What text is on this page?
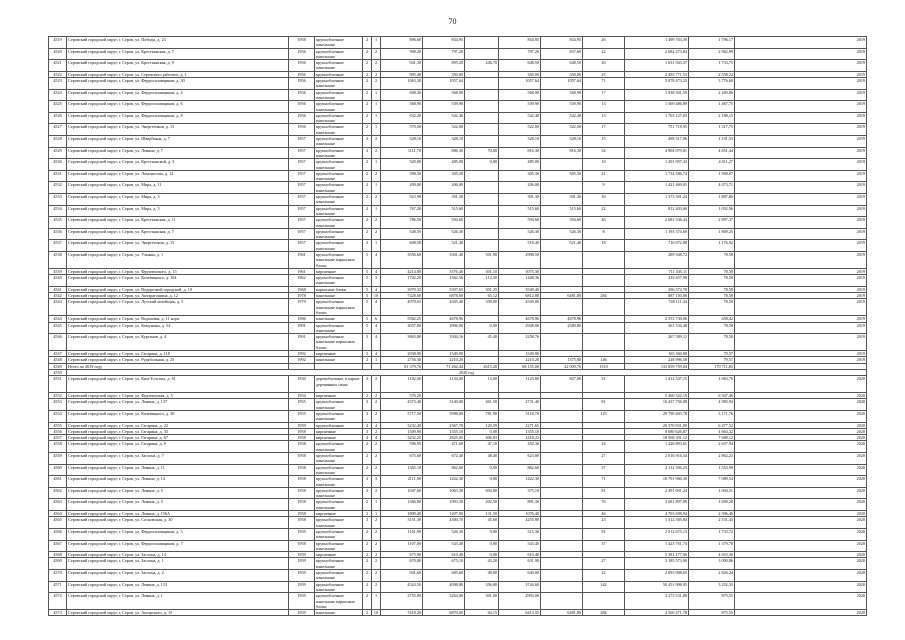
70
4519	Серовский городской округ, г. Серов, ул. Победы, д. 23	1958	крупноблочные панельные	2	1	896,60	834,95		834,95	834,95	26	1 499 703,59	1 796,17	2019
4520	Серовский городской округ, г. Серов, ул. Крестьянская, д. 7	1956	крупноблочные панельные	2	2	908,20	797,20		797,20	837,60	22	2 684 473,84	2 962,99	2019
4521	Серовский городской округ, г. Серов, ул. Крестьянская, д. 9	1956	крупноблочные панельные	2	2	941,30	895,20	246,70	648,50	648,50	26	1 631 943,37	1 733,75	2019
4522	Серовский городской округ, г. Серов, ул. Серовского рабочего, д. 1	1956	крупноблочные	2	2	995,40	350,00		350,00	350,00	25	2 493 771,53	2 558,22	2019
4523	Серовский городской округ, г. Серов, ул. Ферросплавщиков, д. 30	1956	крупноблочные панельные	2	2	1063,30	1057,64		1057,64	1057,64	71	5 078 473,25	3 776,60	2019
4524	Серовский городской округ, г. Серов, ул. Ферросплавщиков, д. 4	1956	крупноблочные панельные	2	1	698,30	568,90		568,90	568,90	17	1 938 501,59	2 269,86	2019
4525	Серовский городской округ, г. Серов, ул. Ферросплавщиков, д. 6	1956	крупноблочные панельные	2	1	568,90	539,90		539,90	539,90	13	1 569 486,89	1 467,75	2019
4526	Серовский городской округ, г. Серов, ул. Ферросплавщиков, д. 8	1956	крупноблочные панельные	2	1	632,20	542,40		542,40	542,40	13	1 703 127,03	2 188,15	2019
4527	Серовский городской округ, г. Серов, ул. Энергетиков, д. 13	1956	крупноблочные панельные	2	1	570,00	522,00		522,00	522,00	17	751 718,95	1 317,75	2019
4528	Серовский городской округ, г. Серов, ул. Швербьяна, д. 7	1957	крупноблочные панельные	2	2	328,10	328,10		328,10	328,10	15	498 317,06	1 101,53	2019
4529	Серовский городской округ, г. Серов, ул. Ленина, д. 7	1957	крупноблочные панельные	3	2	1111,70	886,30	70,00	816,30	816,30	34	4 904 079,81	4 651,44	2019
4530	Серовский городской округ, г. Серов, ул. Крестьянской, д. 3	1957	крупноблочные панельные	2	1	520,00	485,00	0,00	485,00		10	1 201 957,43	4 011,27	2019
4531	Серовский городской округ, г. Серов, ул. Ломоносова, д. 12	1957	крупноблочные панельные	2	2	398,30	305,30		305,30	305,30	21	1 734 586,74	1 908,07	2019
4532	Серовский городской округ, г. Серов, ул. Мира, д. 11	1957	крупноблочные панельные	2	1	209,00	206,00		206,00		9	1 421 469,01	4 073,71	2019
4533	Серовский городской округ, г. Серов, ул. Мира, д. 3	1957	крупноблочные панельные	2	2	923,90	391,30		391,30	391,30	30	1 373 301,24	1 807,80	2019
4534	Серовский городской округ, г. Серов, ул. Мира, д. 5	1957	крупноблочные панельные	2	1	767,20	515,60		515,60	515,60	22	812 403,60	1 052,96	2019
4535	Серовский городской округ, г. Серов, ул. Крестьянская, д. 11	1957	крупноблочные панельные	2	2	786,50	594,60		594,60	594,60	46	2 681 336,44	2 897,37	2019
4536	Серовский городской округ, г. Серов, ул. Крестьянская, д. 7	1957	крупноблочные панельные	2	2	548,50	526,30		526,30	526,30	8	1 193 374,69	1 809,25	2019
4537	Серовский городской округ, г. Серов, ул. Энергетиков, д. 15	1957	крупноблочные панельные	2	1	608,50	521,40		518,40	521,40	18	716 072,88	1 176,92	2019
4538	Серовский городской округ, г. Серов, ул. Ульяны, д. 1	1961	крупноблочные панельные каркасные блоки	5	4	3556,60	3301,40	501,90	2998,50			289 948,72	78,58	2019
4539	Серовский городской округ, г. Серов, ул. Фрунзенского, д. 15	1961	кирпичные	5	4	4214,80	3376,40	301,10	3075,30			711 445,11	78,58	2019
4540	Серовский городской округ, г. Серов, ул. Кочевицкого, д. 104	1962	крупноблочные панельные	5	3	1702,20	1562,56	112,30	1448,36			235 657,98	78,58	2019
4541	Серовский городской округ, г. Серов, ул. Водорезной городской, д. 19	1968	каркасные блоки	5	4	3979,32	3397,65	301,25	3549,40			296 372,78	78,58	2019
4542	Серовский городской округ, г. Серов, ул. Антарагошина, д. 12	1978	панельные	5	10	7428,60	6878,00	65,12	6812,88	6481,80	284	887 150,08	78,58	2019
4543	Серовский городской округ, г. Серов, ул. Лузский литейщик, д. 5	1979	крупноблочные панельные каркасные блоки	5	4	4979,63	4305,40	358,00	4549,00			748 111,44	78,58	2019
4544	Серовский городской округ, г. Серов, ул. Водоновы, д. 11 корп.	1986	панельные	5	6	5562,25	4678,96		4678,96	4678,96		2 553 730,06	458,42	2019
4545	Серовский городской округ, г. Серов, ул. Комунаны, д. 54	1991	крупноблочные панельные	5	4	3037,00	2906,00	0,00	2948,00	2580,80		361 534,48	78,58	2019
4546	Серовский городской округ, г. Серов, ул. Курганов, д. 4	1991	крупноблочные панельные каркасные блоки	5	4	3865,80	3304,16	45,40	3258,76			267 589,12	78,58	2019
4547	Серовский городской округ, г. Серов, ул. Гагарина, д. 118	1992	кирпичные	5	4	2938,90	1549,90		1549,90			165 360,88	79,57	2019
4548	Серовский городской округ, г. Серов, ул. Рудябольная, д. 25	1992	панельные	2	1	2756,30	2210,20		2210,20	1375,80	146	228 996,58	79,57	2019
4549	Итого по 2019 году					81 379,76	71 262,44	2615,20	68 155,00	42 009,76	1510	133 859 759,04	170 711,85	
4550	2020 год													
4551	Серовский городской округ, г. Серов, ул. Ким-Толстых, д. 61	1930	деревоблочные, в каркас деревянных сваях	2	2	1182,00	1134,00	14,00	1125,80	827,00	31	1 412 547,15	1 063,76	2020
4552	Серовский городской округ, г. Серов, ул. Фрунзенская, д. 5	1954	кирпичные	2	2	576,20						5 460 322,19	6 347,46	2020
4553	Серовский городской округ, г. Серов, ул. Ленина, д. 137	1955	крупноблочные панельные	3	2	4373,40	3140,00	461,50	2731,40		81	16 437 756,08	4 983,94	2020
4554	Серовский городской округ, г. Серов, ул. Кочевицкого, д. 30	1955	крупноблочные панельные	3	2	5717,50	5998,00	781,90	5118,70		125	29 790 403,78	3 171,76	2020
4555	Серовский городской округ, г. Серов, ул. Гагарина, д. 22	1959	крупноблочные	4	4	3232,40	2367,78	120,59	2271,65			20 370 931,09	6 477,52	2020
4556	Серовский городской округ, г. Серов, ул. Гагарина, д. 35	1958	кирпичные	3	2	1509,90	1355,10	0,00	1355,10			8 680 626,87	4 664,32	2020
4557	Серовский городской округ, г. Серов, ул. Гагарина, д. 67	1958	кирпичные	4	4	3232,25	2825,05	406,83	2418,22			18 568 391,12	7 688,12	2020
4558	Серовский городской округ, г. Серов, ул. Гагарина, д. 9	1958	крупноблочные панельные	2	2	596,95	471,60	47,10	450,30		24	1 426 893,61	2 657,94	2020
4559	Серовский городской округ, г. Серов, ул. Заслона, д. 7	1958	крупноблочные панельные	2	2	675,60	672,40	48,40	623,00		27	2 016 916,34	2 862,23	2020
4560	Серовский городской округ, г. Серов, ул. Ленина, д. 11	1958	крупноблочные панельные	2	2	1365,10	862,60	0,00	862,60		37	2 112 396,25	1 553,90	2020
4561	Серовский городской округ, г. Серов, ул. Ленина, д. 14	1958	крупноблочные панельные	3	3	2111,90	1422,30	0,00	1422,30		71	16 791 960,30	7 089,54	2020
4562	Серовский городской округ, г. Серов, ул. Ленина, д. 5	1958	крупноблочные панельные	2	2	1047,60	1063,30	694,80	375,10		81	2 491 691,24	1 004,51	2020
4563	Серовский городской округ, г. Серов, ул. Ленина, д. 5	1958	крупноблочные панельные	2	1	1366,00	1093,30	202,50	891,30		76	3 681 897,89	1 690,28	2020
4564	Серовский городской округ, г. Серов, ул. Ленина, д. 156А	1958	кирпичные	2	1	1809,40	1207,90	131,50	1076,40		46	4 703 698,94	2 396,46	2020
4565	Серовский городской округ, г. Серов, ул. Сосновская, д. 30	1958	крупноблочные панельные	3	2	3151,30	4300,70	45,60	4255,90		23	1 312 585,84	2 531,43	2020
4566	Серовский городской округ, г. Серов, ул. Ферросплавщиков, д. 3	1959	крупноблочные панельные	2	2	1161,90	526,30	9,00	515,30		91	2 012 675,13	1 733,72	2020
4567	Серовский городской округ, г. Серов, ул. Ферросплавщиков, д. 7	1958	крупноблочные панельные	2	2	1107,00	543,40	0,00	543,40		37	1 423 761,74	1 379,78	2020
4568	Серовский городской округ, г. Серов, ул. Заслона, д. 14	1959	кирпичные	2	2	675,90	610,40	0,00	610,40			5 381 177,06	4 653,30	2020
4569	Серовский городской округ, г. Серов, ул. Заслона, д. 1	1959	крупноблочные панельные	2	2	670,00	675,10	43,20	631,90		27	3 185 573,90	3 090,86	2020
4570	Серовский городской округ, г. Серов, ул. Заслона, д. 2	1959	крупноблочные панельные	2	2	941,60	685,60	48,00	640,00		22	2 093 988,65	2 826,24	2020
4571	Серовский городской округ, г. Серов, ул. Ленина, д. 133	1959	крупноблочные панельные	2	2	4324,50	4098,80	356,80	3744,60		142	50 451 998,95	3 252,35	2020
4572	Серовский городской округ, г. Серов, ул. Ленина, д. 1	1959	крупноблочные панельные каркасные блоки	2	1	3755,00	3264,00	301,00	2993,00			3 273 531,88	875,55	2020
4573	Серовский городской округ, г. Серов, ул. Ангарского, д. 15	1959	панельные	2	10	7418,20	6870,00	64,15	6413,55	6481,80	284	4 566 471,78	875,55	2020
